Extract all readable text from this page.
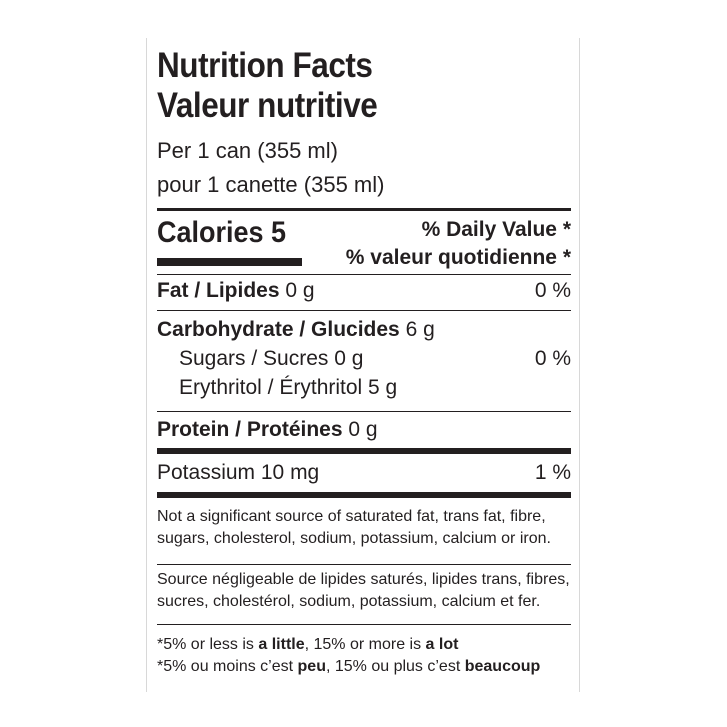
Nutrition Facts
Valeur nutritive
Per 1 can (355 ml)
pour 1 canette (355 ml)
Calories 5	% Daily Value *
% valeur quotidienne *
Fat / Lipides 0 g	0 %
Carbohydrate / Glucides 6 g
Sugars / Sucres 0 g	0 %
Erythritol / Érythritol 5 g
Protein / Protéines 0 g
Potassium 10 mg	1 %
Not a significant source of saturated fat, trans fat, fibre, sugars, cholesterol, sodium, potassium, calcium or iron.
Source négligeable de lipides saturés, lipides trans, fibres, sucres, cholestérol, sodium, potassium, calcium et fer.
*5% or less is a little, 15% or more is a lot
*5% ou moins c’est peu, 15% ou plus c’est beaucoup
